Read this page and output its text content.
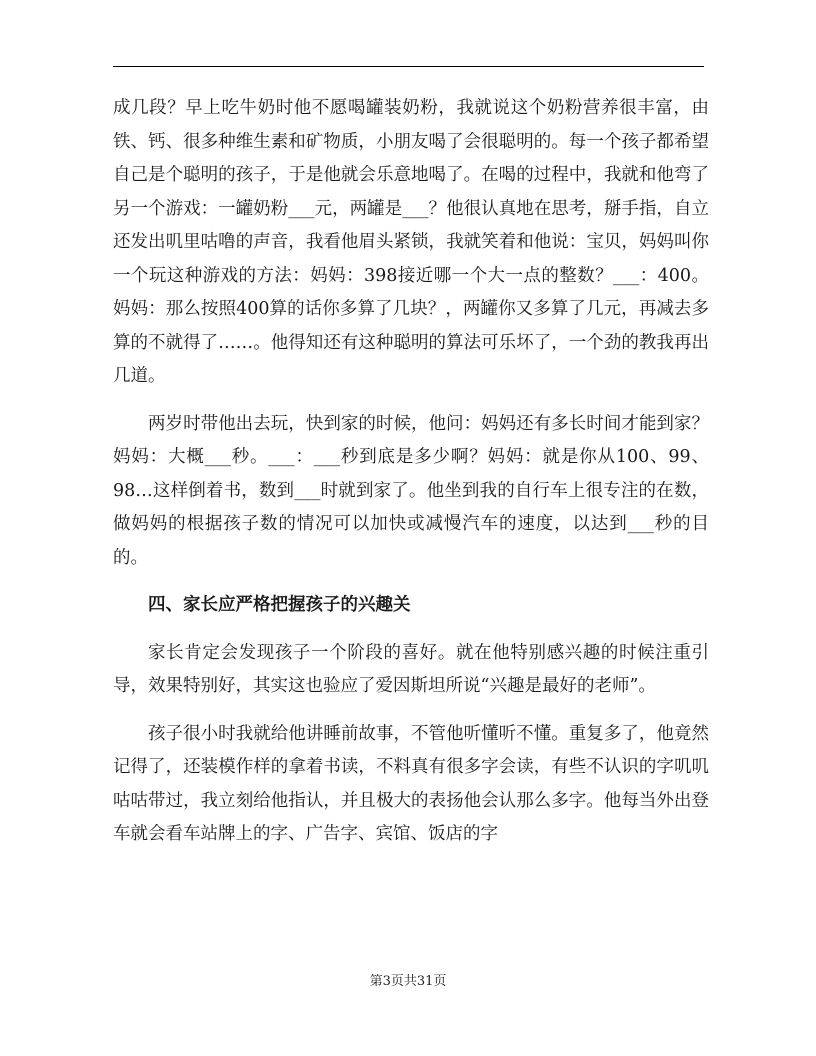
成几段？早上吃牛奶时他不愿喝罐装奶粉，我就说这个奶粉营养很丰富，由铁、钙、很多种维生素和矿物质，小朋友喝了会很聪明的。每一个孩子都希望自己是个聪明的孩子，于是他就会乐意地喝了。在喝的过程中，我就和他弯了另一个游戏：一罐奶粉___元，两罐是___？他很认真地在思考，掰手指，自立还发出叽里咕噜的声音，我看他眉头紧锁，我就笑着和他说：宝贝，妈妈叫你一个玩这种游戏的方法：妈妈：398接近哪一个大一点的整数？___：400。妈妈：那么按照400算的话你多算了几块？，两罐你又多算了几元，再减去多算的不就得了……。他得知还有这种聪明的算法可乐坏了，一个劲的教我再出几道。

两岁时带他出去玩，快到家的时候，他问：妈妈还有多长时间才能到家？妈妈：大概___秒。___：___秒到底是多少啊？妈妈：就是你从100、99、98…这样倒着书，数到___时就到家了。他坐到我的自行车上很专注的在数，做妈妈的根据孩子数的情况可以加快或减慢汽车的速度，以达到___秒的目的。

四、家长应严格把握孩子的兴趣关

家长肯定会发现孩子一个阶段的喜好。就在他特别感兴趣的时候注重引导，效果特别好，其实这也验应了爱因斯坦所说“兴趣是最好的老师”。

孩子很小时我就给他讲睡前故事，不管他听懂听不懂。重复多了，他竟然记得了，还装模作样的拿着书读，不料真有很多字会读，有些不认识的字叽叽咕咕带过，我立刻给他指认，并且极大的表扬他会认那么多字。他每当外出登车就会看车站牌上的字、广告字、宾馆、饭店的字

第3页共31页
